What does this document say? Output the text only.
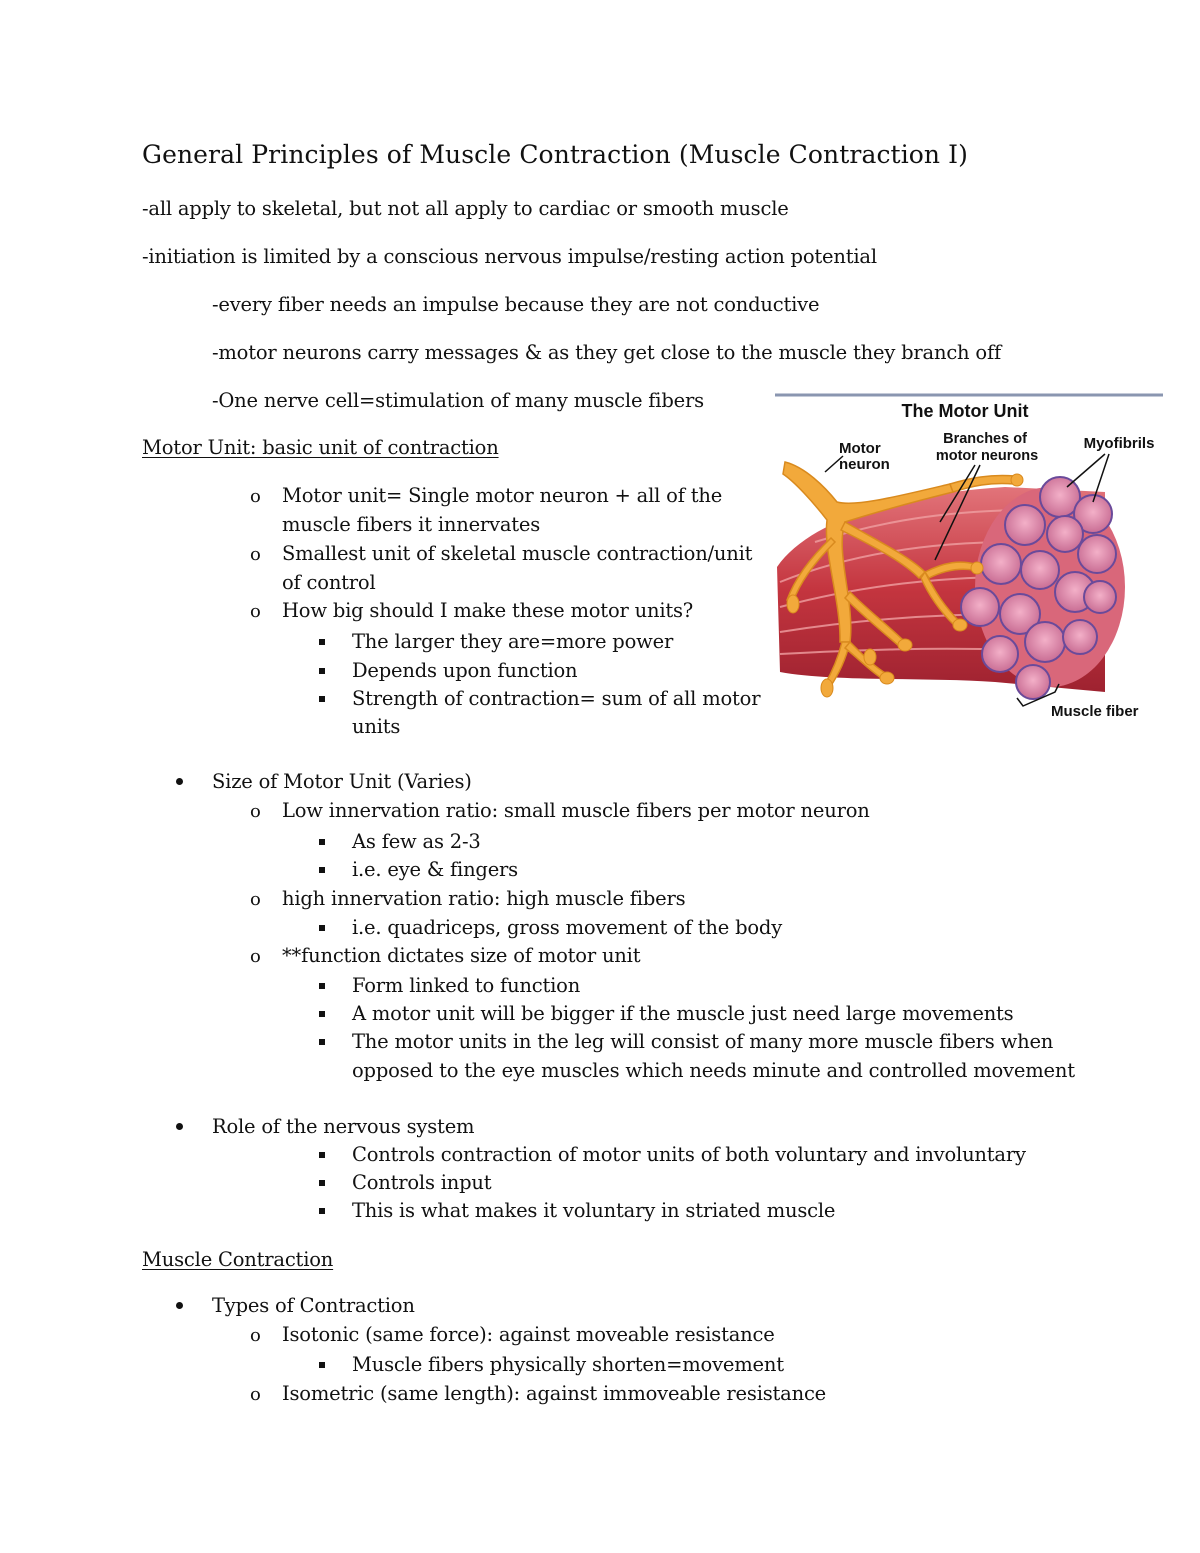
General Principles of Muscle Contraction (Muscle Contraction I)
-all apply to skeletal, but not all apply to cardiac or smooth muscle
-initiation is limited by a conscious nervous impulse/resting action potential
-every fiber needs an impulse because they are not conductive
-motor neurons carry messages & as they get close to the muscle they branch off
-One nerve cell=stimulation of many muscle fibers
Motor Unit: basic unit of contraction
o Motor unit= Single motor neuron + all of the
muscle fibers it innervates
o Smallest unit of skeletal muscle contraction/unit
of control
o How big should I make these motor units?
The larger they are=more power
Depends upon function
Strength of contraction= sum of all motor
units
The Motor Unit
Motor
neuron
Branches of
motor neurons
Myofibrils
Muscle fiber
Size of Motor Unit (Varies)
o Low innervation ratio: small muscle fibers per motor neuron
As few as 2-3
i.e. eye & fingers
o high innervation ratio: high muscle fibers
i.e. quadriceps, gross movement of the body
o **function dictates size of motor unit
Form linked to function
A motor unit will be bigger if the muscle just need large movements
The motor units in the leg will consist of many more muscle fibers when
opposed to the eye muscles which needs minute and controlled movement
Role of the nervous system
Controls contraction of motor units of both voluntary and involuntary
Controls input
This is what makes it voluntary in striated muscle
Muscle Contraction
Types of Contraction
o Isotonic (same force): against moveable resistance
Muscle fibers physically shorten=movement
o Isometric (same length): against immoveable resistance
